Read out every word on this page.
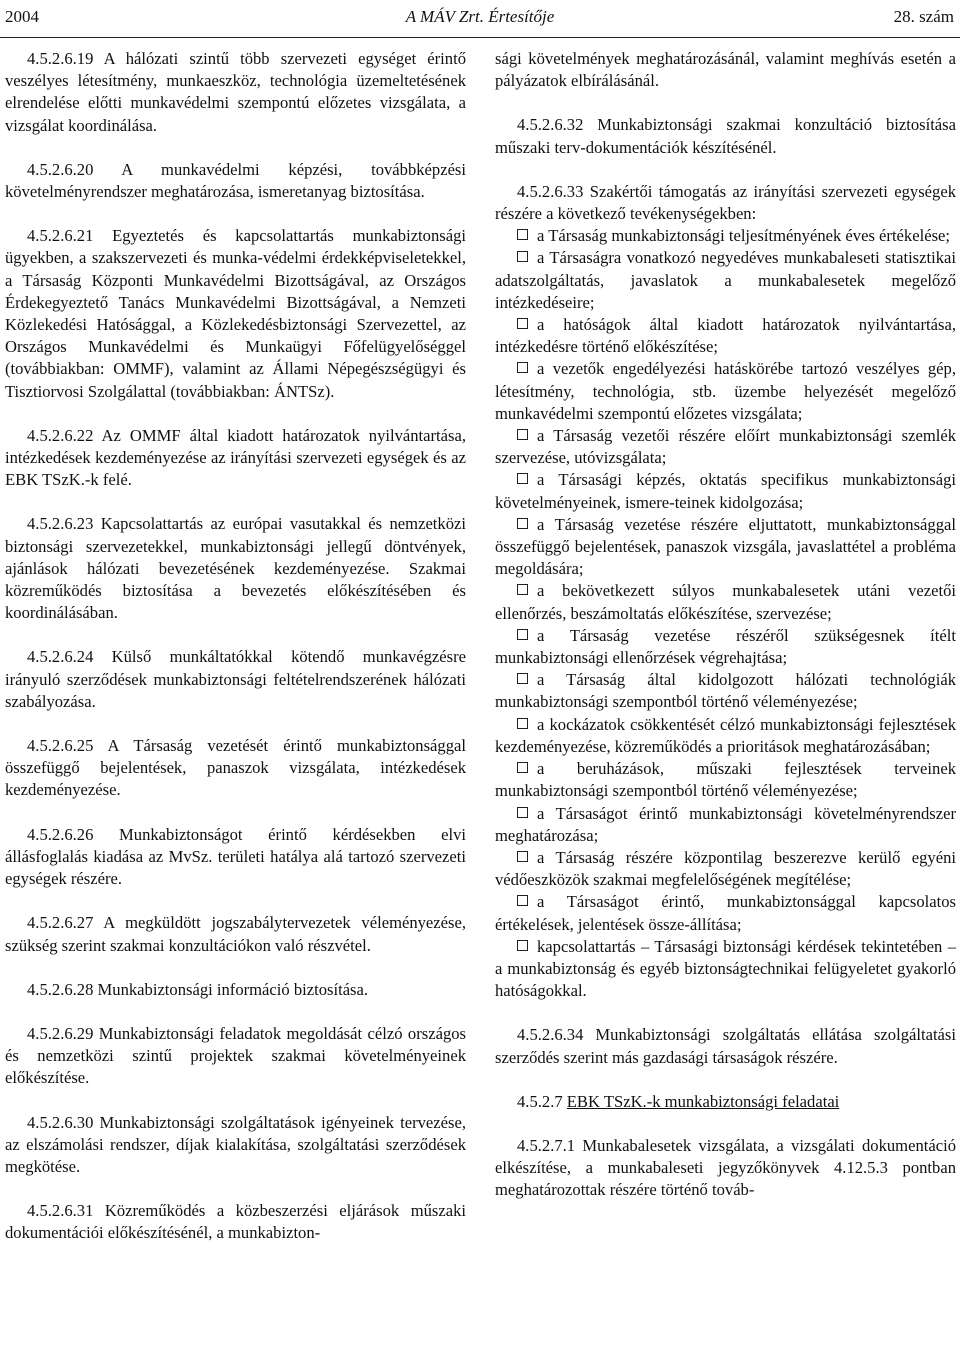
2004	A MÁV Zrt. Értesítője	28. szám

4.5.2.6.19 A hálózati szintű több szervezeti egységet érintő veszélyes létesítmény, munkaeszköz, technológia üzemeltetésének elrendelése előtti munkavédelmi szempontú előzetes vizsgálata, a vizsgálat koordinálása.

4.5.2.6.20 A munkavédelmi képzési, továbbképzési követelményrendszer meghatározása, ismeretanyag biztosítása.

4.5.2.6.21 Egyeztetés és kapcsolattartás munkabiztonsági ügyekben, a szakszervezeti és munka-védelmi érdekképviseletekkel, a Társaság Központi Munkavédelmi Bizottságával, az Országos Érdekegyeztető Tanács Munkavédelmi Bizottságával, a Nemzeti Közlekedési Hatósággal, a Közlekedésbiztonsági Szervezettel, az Országos Munkavédelmi és Munkaügyi Főfelügyelőséggel (továbbiakban: OMMF), valamint az Állami Népegészségügyi és Tisztiorvosi Szolgálattal (továbbiakban: ÁNTSz).

4.5.2.6.22 Az OMMF által kiadott határozatok nyilvántartása, intézkedések kezdeményezése az irányítási szervezeti egységek és az EBK TSzK.-k felé.

4.5.2.6.23 Kapcsolattartás az európai vasutakkal és nemzetközi biztonsági szervezetekkel, munkabiztonsági jellegű döntvények, ajánlások hálózati bevezetésének kezdeményezése. Szakmai közreműködés biztosítása a bevezetés előkészítésében és koordinálásában.

4.5.2.6.24 Külső munkáltatókkal kötendő munkavégzésre irányuló szerződések munkabiztonsági feltételrendszerének hálózati szabályozása.

4.5.2.6.25 A Társaság vezetését érintő munkabiztonsággal összefüggő bejelentések, panaszok vizsgálata, intézkedések kezdeményezése.

4.5.2.6.26 Munkabiztonságot érintő kérdésekben elvi állásfoglalás kiadása az MvSz. területi hatálya alá tartozó szervezeti egységek részére.

4.5.2.6.27 A megküldött jogszabálytervezetek véleményezése, szükség szerint szakmai konzultációkon való részvétel.

4.5.2.6.28 Munkabiztonsági információ biztosítása.

4.5.2.6.29 Munkabiztonsági feladatok megoldását célzó országos és nemzetközi szintű projektek szakmai követelményeinek előkészítése.

4.5.2.6.30 Munkabiztonsági szolgáltatások igényeinek tervezése, az elszámolási rendszer, díjak kialakítása, szolgáltatási szerződések megkötése.

4.5.2.6.31 Közreműködés a közbeszerzési eljárások műszaki dokumentációi előkészítésénél, a munkabizton-

sági követelmények meghatározásánál, valamint meghívás esetén a pályázatok elbírálásánál.

4.5.2.6.32 Munkabiztonsági szakmai konzultáció biztosítása műszaki terv-dokumentációk készítésénél.

4.5.2.6.33 Szakértői támogatás az irányítási szervezeti egységek részére a következő tevékenységekben:

a Társaság munkabiztonsági teljesítményének éves értékelése;

a Társaságra vonatkozó negyedéves munkabaleseti statisztikai adatszolgáltatás, javaslatok a munkabalesetek megelőző intézkedéseire;

a hatóságok által kiadott határozatok nyilvántartása, intézkedésre történő előkészítése;

a vezetők engedélyezési hatáskörébe tartozó veszélyes gép, létesítmény, technológia, stb. üzembe helyezését megelőző munkavédelmi szempontú előzetes vizsgálata;

a Társaság vezetői részére előírt munkabiztonsági szemlék szervezése, utóvizsgálata;

a Társasági képzés, oktatás specifikus munkabiztonsági követelményeinek, ismere-teinek kidolgozása;

a Társaság vezetése részére eljuttatott, munkabiztonsággal összefüggő bejelentések, panaszok vizsgála, javaslattétel a probléma megoldására;

a bekövetkezett súlyos munkabalesetek utáni vezetői ellenőrzés, beszámoltatás előkészítése, szervezése;

a Társaság vezetése részéről szükségesnek ítélt munkabiztonsági ellenőrzések végrehajtása;

a Társaság által kidolgozott hálózati technológiák munkabiztonsági szempontból történő véleményezése;

a kockázatok csökkentését célzó munkabiztonsági fejlesztések kezdeményezése, közreműködés a prioritások meghatározásában;

a beruházások, műszaki fejlesztések terveinek munkabiztonsági szempontból történő véleményezése;

a Társaságot érintő munkabiztonsági követelményrendszer meghatározása;

a Társaság részére központilag beszerezve kerülő egyéni védőeszközök szakmai megfelelőségének megítélése;

a Társaságot érintő, munkabiztonsággal kapcsolatos értékelések, jelentések össze-állítása;

kapcsolattartás – Társasági biztonsági kérdések tekintetében – a munkabiztonság és egyéb biztonságtechnikai felügyeletet gyakorló hatóságokkal.

4.5.2.6.34 Munkabiztonsági szolgáltatás ellátása szolgáltatási szerződés szerint más gazdasági társaságok részére.

4.5.2.7 EBK TSzK.-k munkabiztonsági feladatai

4.5.2.7.1 Munkabalesetek vizsgálata, a vizsgálati dokumentáció elkészítése, a munkabaleseti jegyzőkönyvek 4.12.5.3 pontban meghatározottak részére történő továb-
